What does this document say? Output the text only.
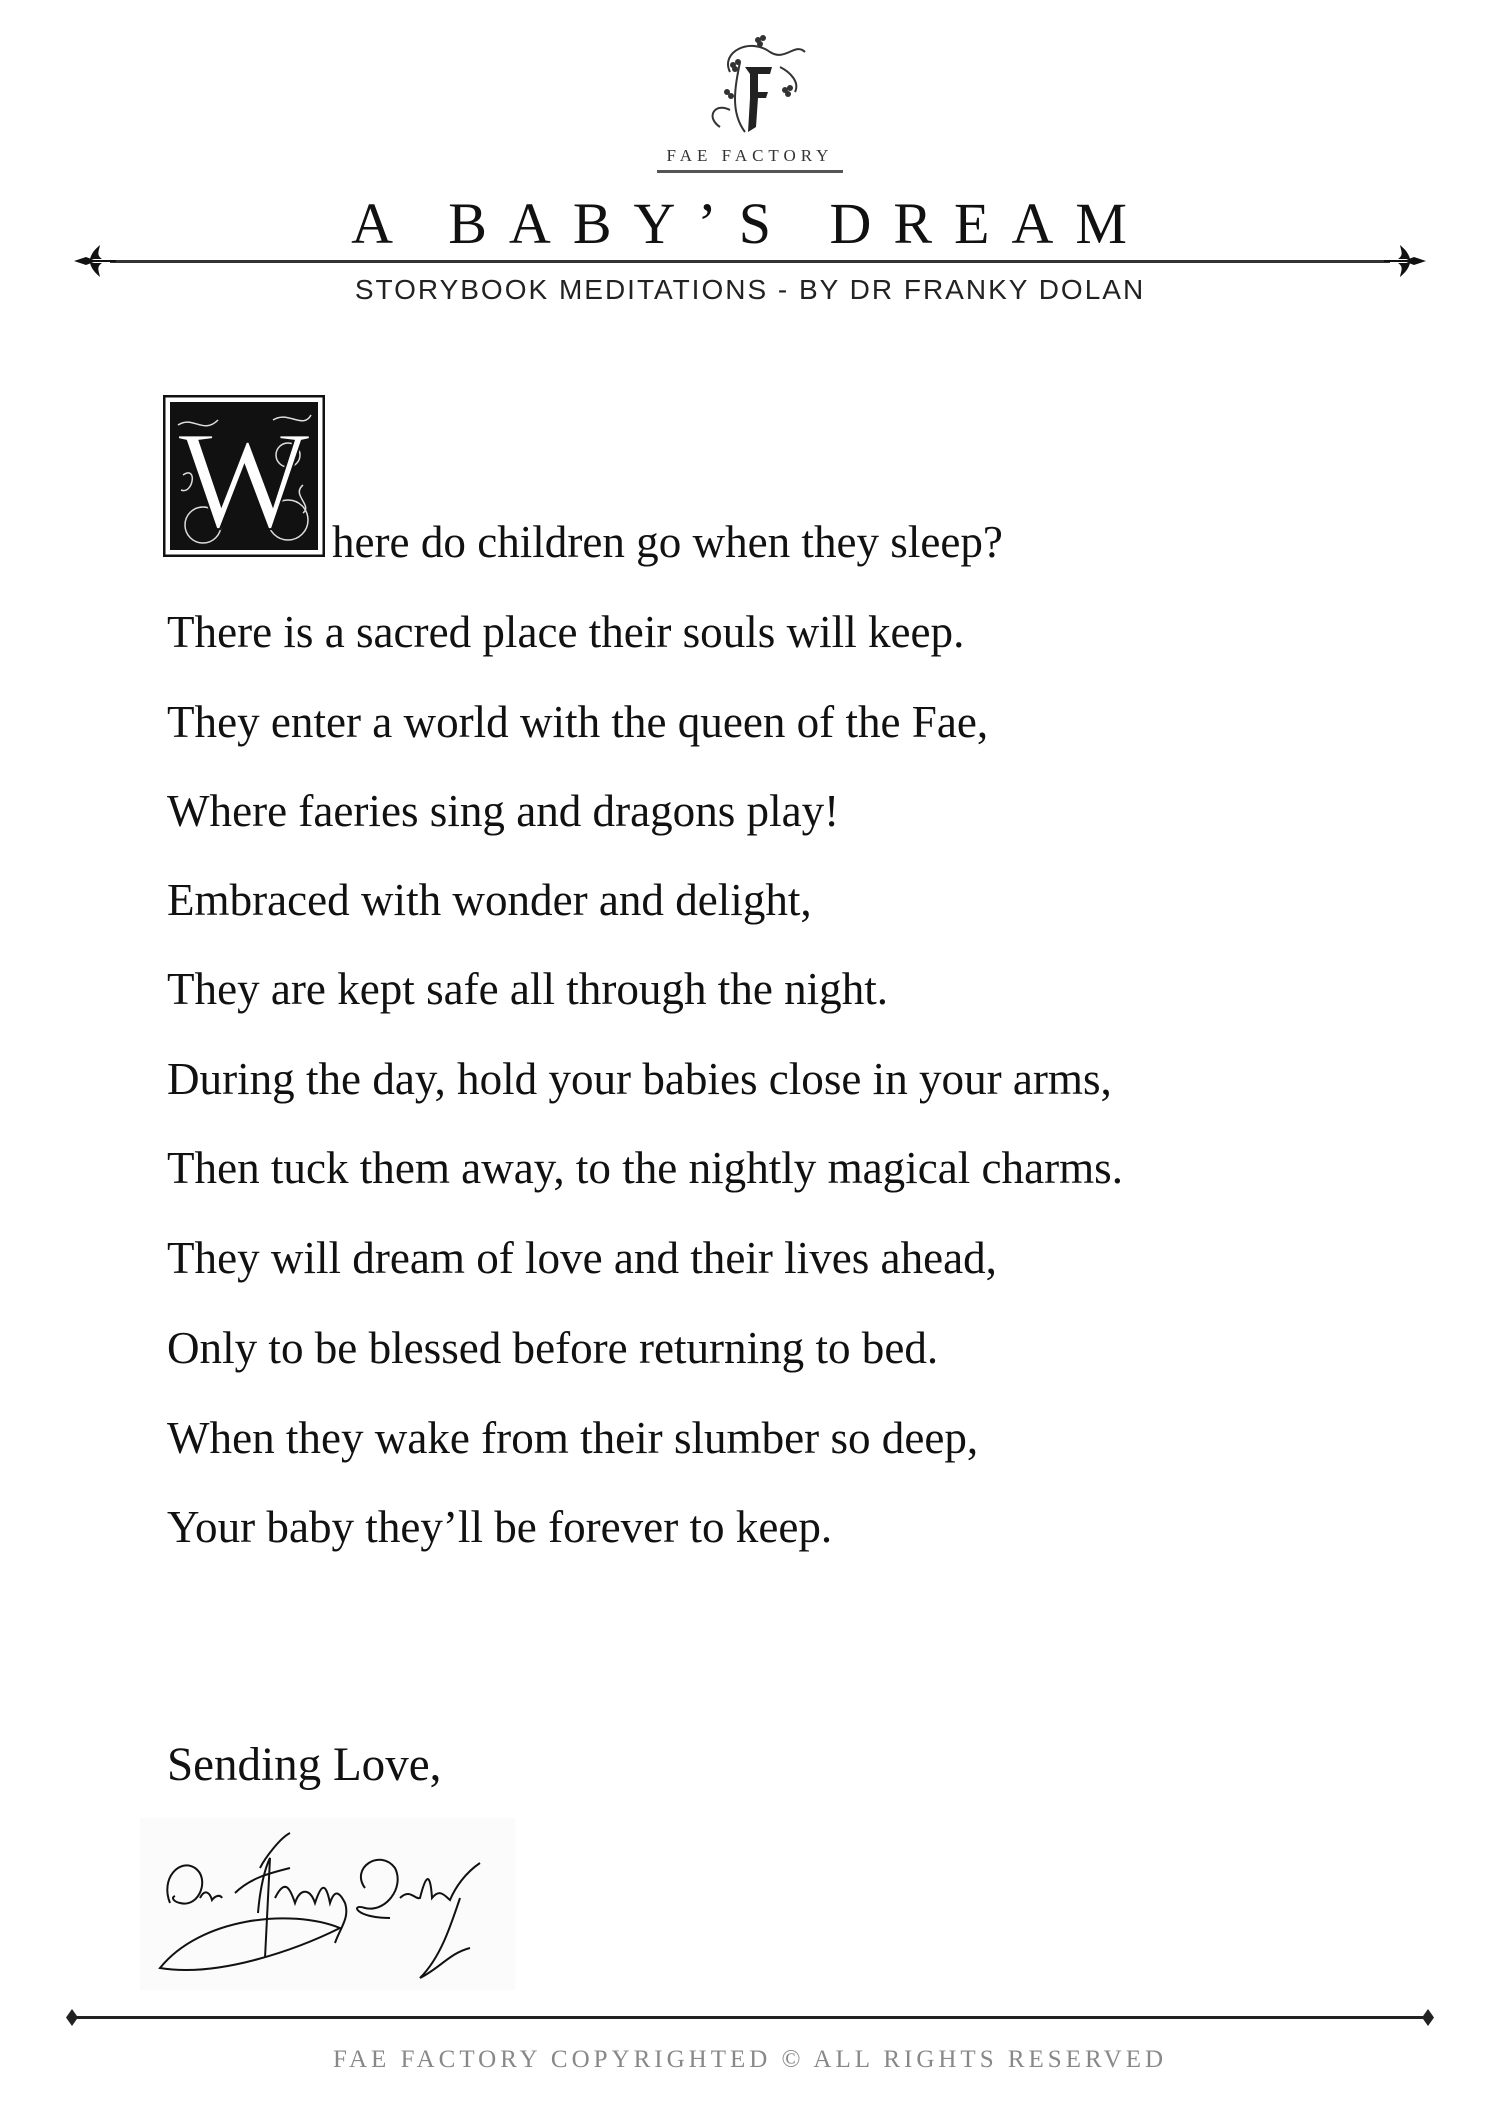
FAE FACTORY
A BABY’S DREAM
STORYBOOK MEDITATIONS - BY DR FRANKY DOLAN
W here do children go when they sleep?
There is a sacred place their souls will keep.
They enter a world with the queen of the Fae,
Where faeries sing and dragons play!
Embraced with wonder and delight,
They are kept safe all through the night.
During the day, hold your babies close in your arms,
Then tuck them away, to the nightly magical charms.
They will dream of love and their lives ahead,
Only to be blessed before returning to bed.
When they wake from their slumber so deep,
Your baby they’ll be forever to keep.
Sending Love,
FAE FACTORY COPYRIGHTED © ALL RIGHTS RESERVED
